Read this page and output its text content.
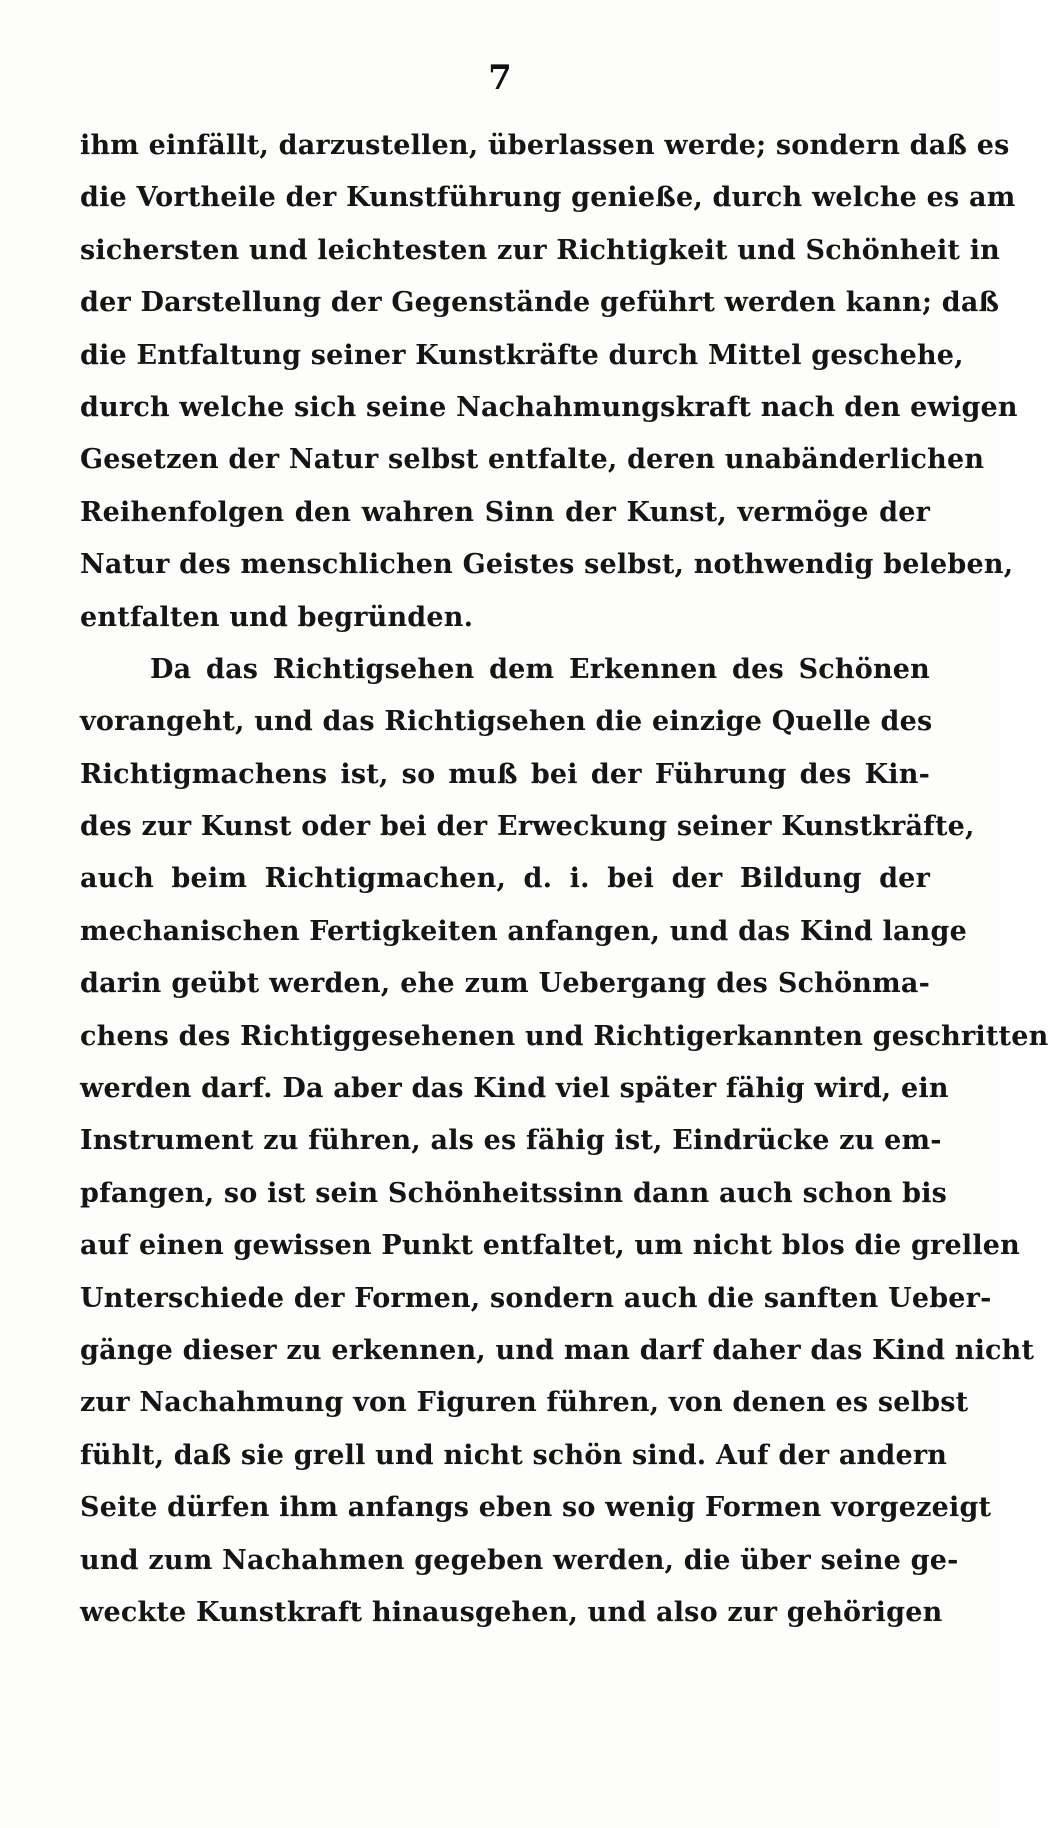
7
ihm einfällt, darzustellen, überlassen werde; sondern daß es
die Vortheile der Kunstführung genieße, durch welche es am
sichersten und leichtesten zur Richtigkeit und Schönheit in
der Darstellung der Gegenstände geführt werden kann; daß
die Entfaltung seiner Kunstkräfte durch Mittel geschehe,
durch welche sich seine Nachahmungskraft nach den ewigen
Gesetzen der Natur selbst entfalte, deren unabänderlichen
Reihenfolgen den wahren Sinn der Kunst, vermöge der
Natur des menschlichen Geistes selbst, nothwendig beleben,
entfalten und begründen.
Da das Richtigsehen dem Erkennen des Schönen
vorangeht, und das Richtigsehen die einzige Quelle des
Richtigmachens ist, so muß bei der Führung des Kin-
des zur Kunst oder bei der Erweckung seiner Kunstkräfte,
auch beim Richtigmachen, d. i. bei der Bildung der
mechanischen Fertigkeiten anfangen, und das Kind lange
darin geübt werden, ehe zum Uebergang des Schönma-
chens des Richtiggesehenen und Richtigerkannten geschritten
werden darf. Da aber das Kind viel später fähig wird, ein
Instrument zu führen, als es fähig ist, Eindrücke zu em-
pfangen, so ist sein Schönheitssinn dann auch schon bis
auf einen gewissen Punkt entfaltet, um nicht blos die grellen
Unterschiede der Formen, sondern auch die sanften Ueber-
gänge dieser zu erkennen, und man darf daher das Kind nicht
zur Nachahmung von Figuren führen, von denen es selbst
fühlt, daß sie grell und nicht schön sind. Auf der andern
Seite dürfen ihm anfangs eben so wenig Formen vorgezeigt
und zum Nachahmen gegeben werden, die über seine ge-
weckte Kunstkraft hinausgehen, und also zur gehörigen
